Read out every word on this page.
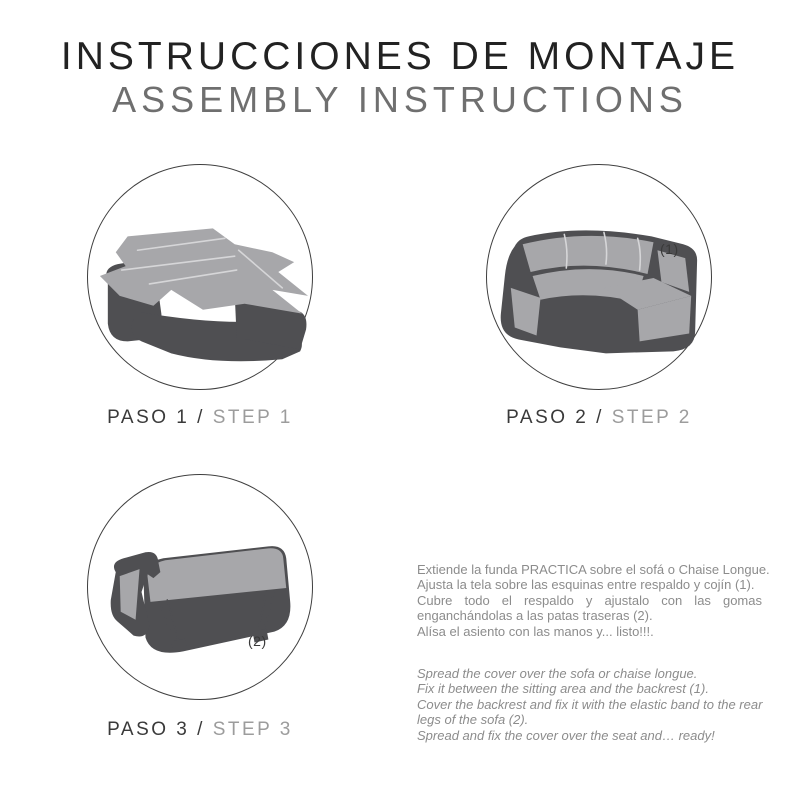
INSTRUCCIONES DE MONTAJE
ASSEMBLY INSTRUCTIONS
PASO 1 / STEP 1
(1)
PASO 2 / STEP 2
(2)
PASO 3 / STEP 3
Extiende la funda PRACTICA sobre el sofá o Chaise Longue.
Ajusta la tela sobre las esquinas entre respaldo y cojín (1).
Cubre todo el respaldo y ajustalo con las gomas
enganchándolas a las patas traseras (2).
Alísa el asiento con las manos y... listo!!!.
Spread the cover over the sofa or chaise longue.
Fix it between the sitting area and the backrest (1).
Cover the backrest and fix it with the elastic band to the rear
legs of the sofa (2).
Spread and fix the cover over the seat and… ready!
